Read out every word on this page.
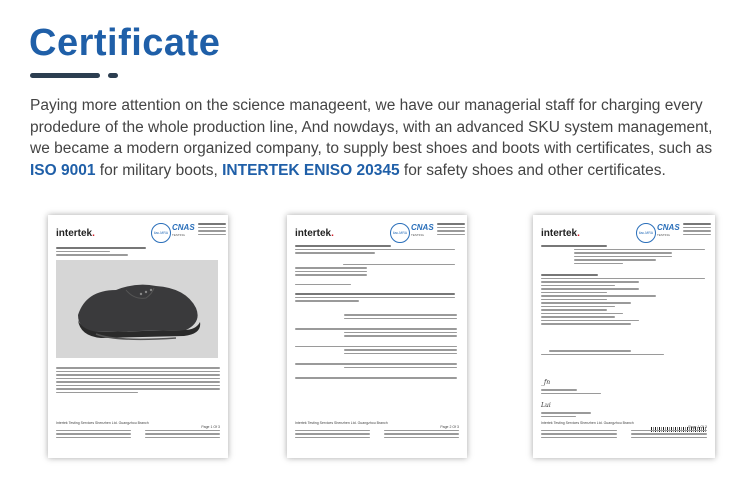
Certificate
Paying more attention on the science manageent, we have our managerial staff for charging every prodedure of the whole production line, And nowdays, with an advanced SKU system management, we became a modern organized company, to supply best shoes and boots with certificates, such as ISO 9001 for military boots, INTERTEK ENISO 20345 for safety shoes and other certificates.
intertek.	ilac-MRA
CNAS
TESTING
Intertek Testing Services Shenzhen Ltd. Guangzhou Branch
Page 1 Of 3
intertek.	ilac-MRA
CNAS
TESTING
Intertek Testing Services Shenzhen Ltd. Guangzhou Branch
Page 2 Of 3
intertek.	ilac-MRA
CNAS
TESTING
_fn
Lui
Intertek Testing Services Shenzhen Ltd. Guangzhou Branch
Page 1 Of 3
